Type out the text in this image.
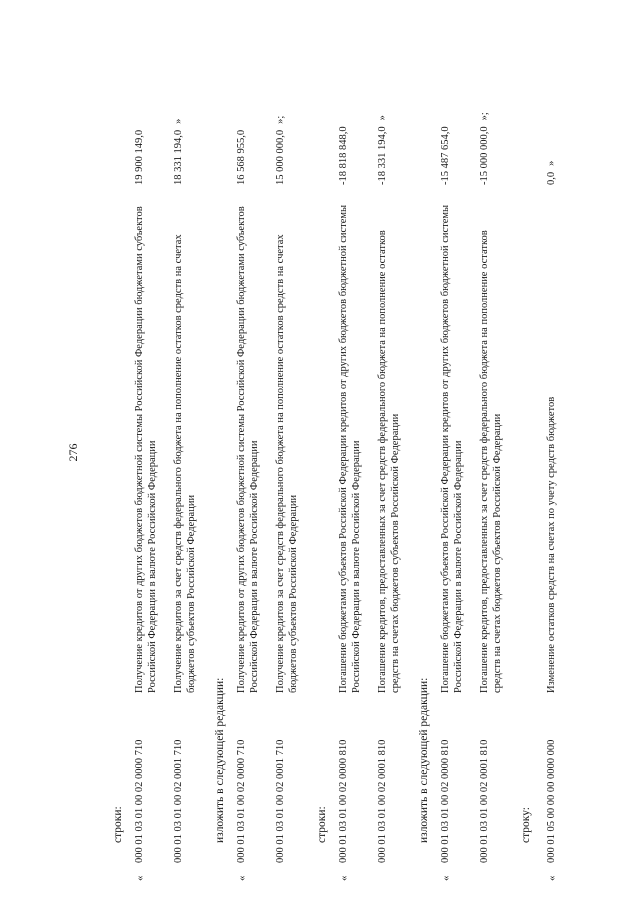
276
строки:
«
000 01 03 01 00 02 0000 710
Получение кредитов от других бюджетов бюджетной системы Российской Федерации бюджетами субъектов Российской Федерации в валюте Российской Федерации
19 900 149,0
000 01 03 01 00 02 0001 710
Получение кредитов за счет средств федерального бюджета на пополнение остатков средств на счетах бюджетов субъектов Российской Федерации
18 331 194,0»
изложить в следующей редакции:
«
000 01 03 01 00 02 0000 710
Получение кредитов от других бюджетов бюджетной системы Российской Федерации бюджетами субъектов Российской Федерации в валюте Российской Федерации
16 568 955,0
000 01 03 01 00 02 0001 710
Получение кредитов за счет средств федерального бюджета на пополнение остатков средств на счетах бюджетов субъектов Российской Федерации
15 000 000,0»;
строки:
«
000 01 03 01 00 02 0000 810
Погашение бюджетами субъектов Российской Федерации кредитов от других бюджетов бюджетной системы Российской Федерации в валюте Российской Федерации
-18 818 848,0
000 01 03 01 00 02 0001 810
Погашение кредитов, предоставленных за счет средств федерального бюджета на пополнение остатков средств на счетах бюджетов субъектов Российской Федерации
-18 331 194,0»
изложить в следующей редакции:
«
000 01 03 01 00 02 0000 810
Погашение бюджетами субъектов Российской Федерации кредитов от других бюджетов бюджетной системы Российской Федерации в валюте Российской Федерации
-15 487 654,0
000 01 03 01 00 02 0001 810
Погашение кредитов, предоставленных за счет средств федерального бюджета на пополнение остатков средств на счетах бюджетов субъектов Российской Федерации
-15 000 000,0»;
строку:
«
000 01 05 00 00 00 0000 000
Изменение остатков средств на счетах по учету средств бюджетов
0,0»
